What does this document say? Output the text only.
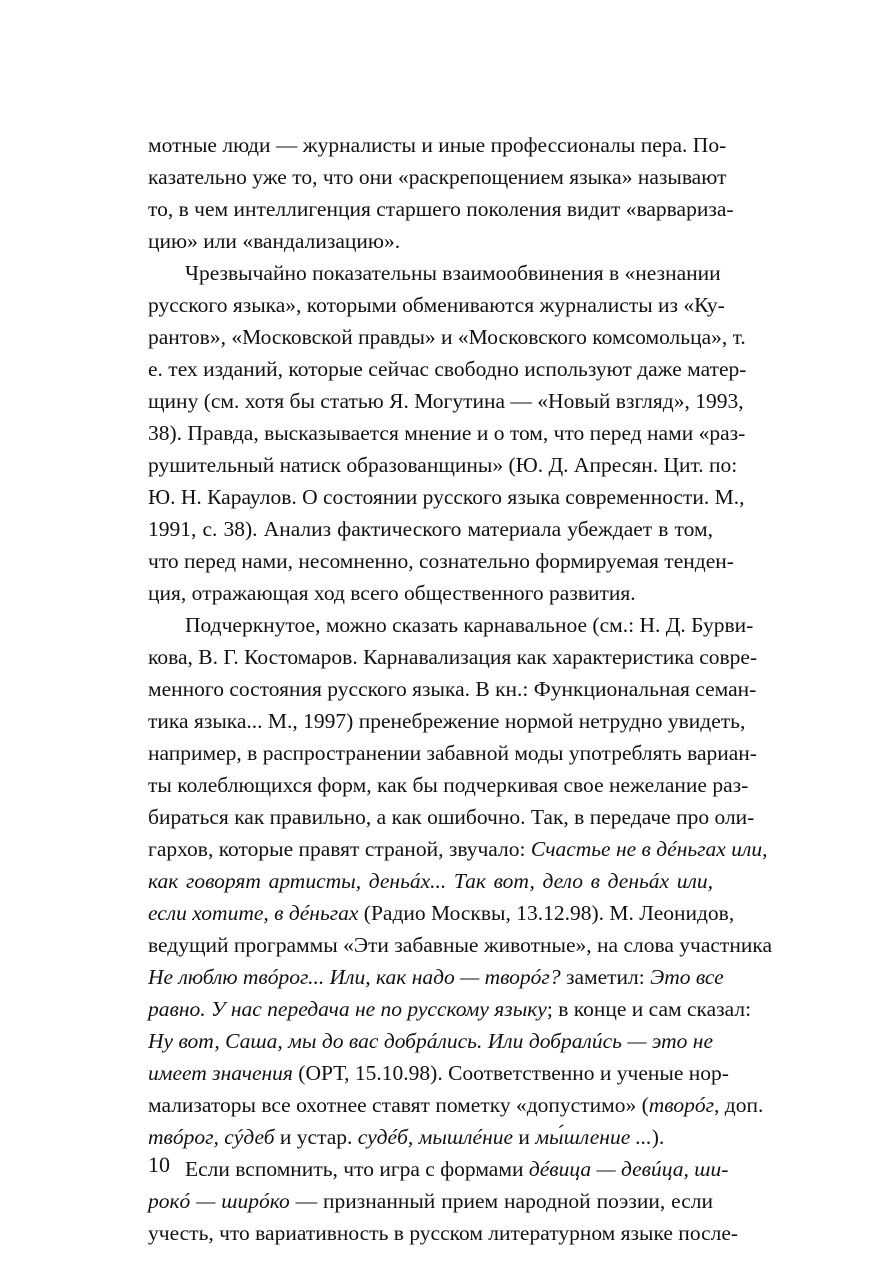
мотные люди — журналисты и иные профессионалы пера. По-
казательно уже то, что они «раскрепощением языка» называют
то, в чем интеллигенция старшего поколения видит «варвариза-
цию» или «вандализацию».
Чрезвычайно показательны взаимообвинения в «незнании
русского языка», которыми обмениваются журналисты из «Ку-
рантов», «Московской правды» и «Московского комсомольца», т.
е. тех изданий, которые сейчас свободно используют даже матер-
щину (см. хотя бы статью Я. Могутина — «Новый взгляд», 1993,
38). Правда, высказывается мнение и о том, что перед нами «раз-
рушительный натиск образованщины» (Ю. Д. Апресян. Цит. по:
Ю. Н. Караулов. О состоянии русского языка современности. М.,
1991, с. 38). Анализ фактического материала убеждает в том,
что перед нами, несомненно, сознательно формируемая тенден-
ция, отражающая ход всего общественного развития.
Подчеркнутое, можно сказать карнавальное (см.: Н. Д. Бурви-
кова, В. Г. Костомаров. Карнавализация как характеристика совре-
менного состояния русского языка. В кн.: Функциональная семан-
тика языка... М., 1997) пренебрежение нормой нетрудно увидеть,
например, в распространении забавной моды употреблять вариан-
ты колеблющихся форм, как бы подчеркивая свое нежелание раз-
бираться как правильно, а как ошибочно. Так, в передаче про оли-
гархов, которые правят страной, звучало: Счастье не в дéньгах или,
как говорят артисты, деньáх... Так вот, дело в деньáх или,
если хотите, в дéньгах (Радио Москвы, 13.12.98). М. Леонидов,
ведущий программы «Эти забавные животные», на слова участника
Не люблю твóрог... Или, как надо — творóг? заметил: Это все
равно. У нас передача не по русскому языку; в конце и сам сказал:
Ну вот, Саша, мы до вас добрáлись. Или добралúсь — это не
имеет значения (ОРТ, 15.10.98). Соответственно и ученые нор-
мализаторы все охотнее ставят пометку «допустимо» (творóг, доп.
твóрог, сýдеб и устар. судéб, мышлéние и мы́шление ...).
Если вспомнить, что игра с формами дéвица — девúца, ши-
рокó — ширóко — признанный прием народной поэзии, если
учесть, что вариативность в русском литературном языке после-
10
